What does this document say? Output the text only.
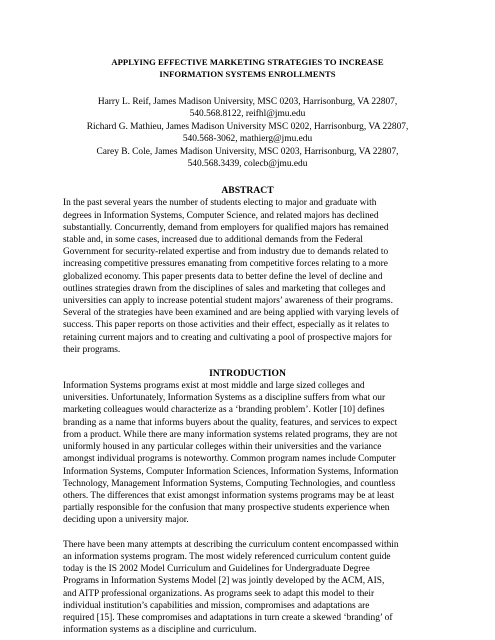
APPLYING EFFECTIVE MARKETING STRATEGIES TO INCREASE
INFORMATION SYSTEMS ENROLLMENTS
Harry L. Reif, James Madison University, MSC 0203, Harrisonburg, VA 22807,
540.568.8122, reifhl@jmu.edu
Richard G. Mathieu, James Madison University MSC 0202, Harrisonburg, VA 22807,
540.568-3062, mathierg@jmu.edu
Carey B. Cole, James Madison University, MSC 0203, Harrisonburg, VA 22807,
540.568.3439, colecb@jmu.edu
ABSTRACT
In the past several years the number of students electing to major and graduate with
degrees in Information Systems, Computer Science, and related majors has declined
substantially. Concurrently, demand from employers for qualified majors has remained
stable and, in some cases, increased due to additional demands from the Federal
Government for security-related expertise and from industry due to demands related to
increasing competitive pressures emanating from competitive forces relating to a more
globalized economy. This paper presents data to better define the level of decline and
outlines strategies drawn from the disciplines of sales and marketing that colleges and
universities can apply to increase potential student majors’ awareness of their programs.
Several of the strategies have been examined and are being applied with varying levels of
success. This paper reports on those activities and their effect, especially as it relates to
retaining current majors and to creating and cultivating a pool of prospective majors for
their programs.
INTRODUCTION
Information Systems programs exist at most middle and large sized colleges and
universities. Unfortunately, Information Systems as a discipline suffers from what our
marketing colleagues would characterize as a ‘branding problem’. Kotler [10] defines
branding as a name that informs buyers about the quality, features, and services to expect
from a product. While there are many information systems related programs, they are not
uniformly housed in any particular colleges within their universities and the variance
amongst individual programs is noteworthy. Common program names include Computer
Information Systems, Computer Information Sciences, Information Systems, Information
Technology, Management Information Systems, Computing Technologies, and countless
others. The differences that exist amongst information systems programs may be at least
partially responsible for the confusion that many prospective students experience when
deciding upon a university major.
There have been many attempts at describing the curriculum content encompassed within
an information systems program. The most widely referenced curriculum content guide
today is the IS 2002 Model Curriculum and Guidelines for Undergraduate Degree
Programs in Information Systems Model [2] was jointly developed by the ACM, AIS,
and AITP professional organizations. As programs seek to adapt this model to their
individual institution’s capabilities and mission, compromises and adaptations are
required [15]. These compromises and adaptations in turn create a skewed ‘branding’ of
information systems as a discipline and curriculum.
